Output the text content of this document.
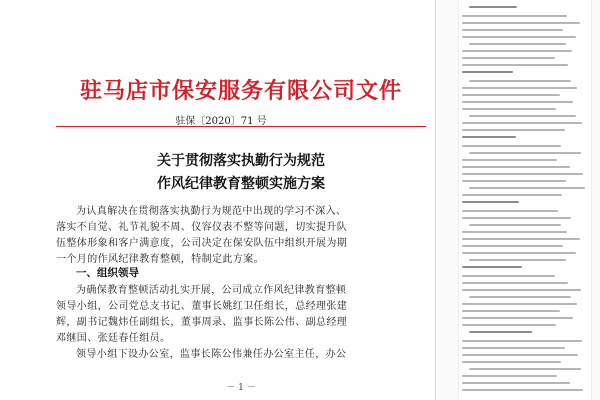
驻马店市保安服务有限公司文件
驻保〔2020〕71 号
关于贯彻落实执勤行为规范
作风纪律教育整顿实施方案
为认真解决在贯彻落实执勤行为规范中出现的学习不深入、
落实不自觉、礼节礼貌不周、仪容仪表不整等问题，切实提升队
伍整体形象和客户满意度，公司决定在保安队伍中组织开展为期
一个月的作风纪律教育整顿，特制定此方案。
一、组织领导
为确保教育整顿活动扎实开展，公司成立作风纪律教育整顿
领导小组，公司党总支书记、董事长姚红卫任组长，总经理张建
辉，副书记魏炜任副组长，董事周录、监事长陈公伟、副总经理
邓继国、张廷春任组员。
领导小组下设办公室，监事长陈公伟兼任办公室主任，办公
－ 1 －
